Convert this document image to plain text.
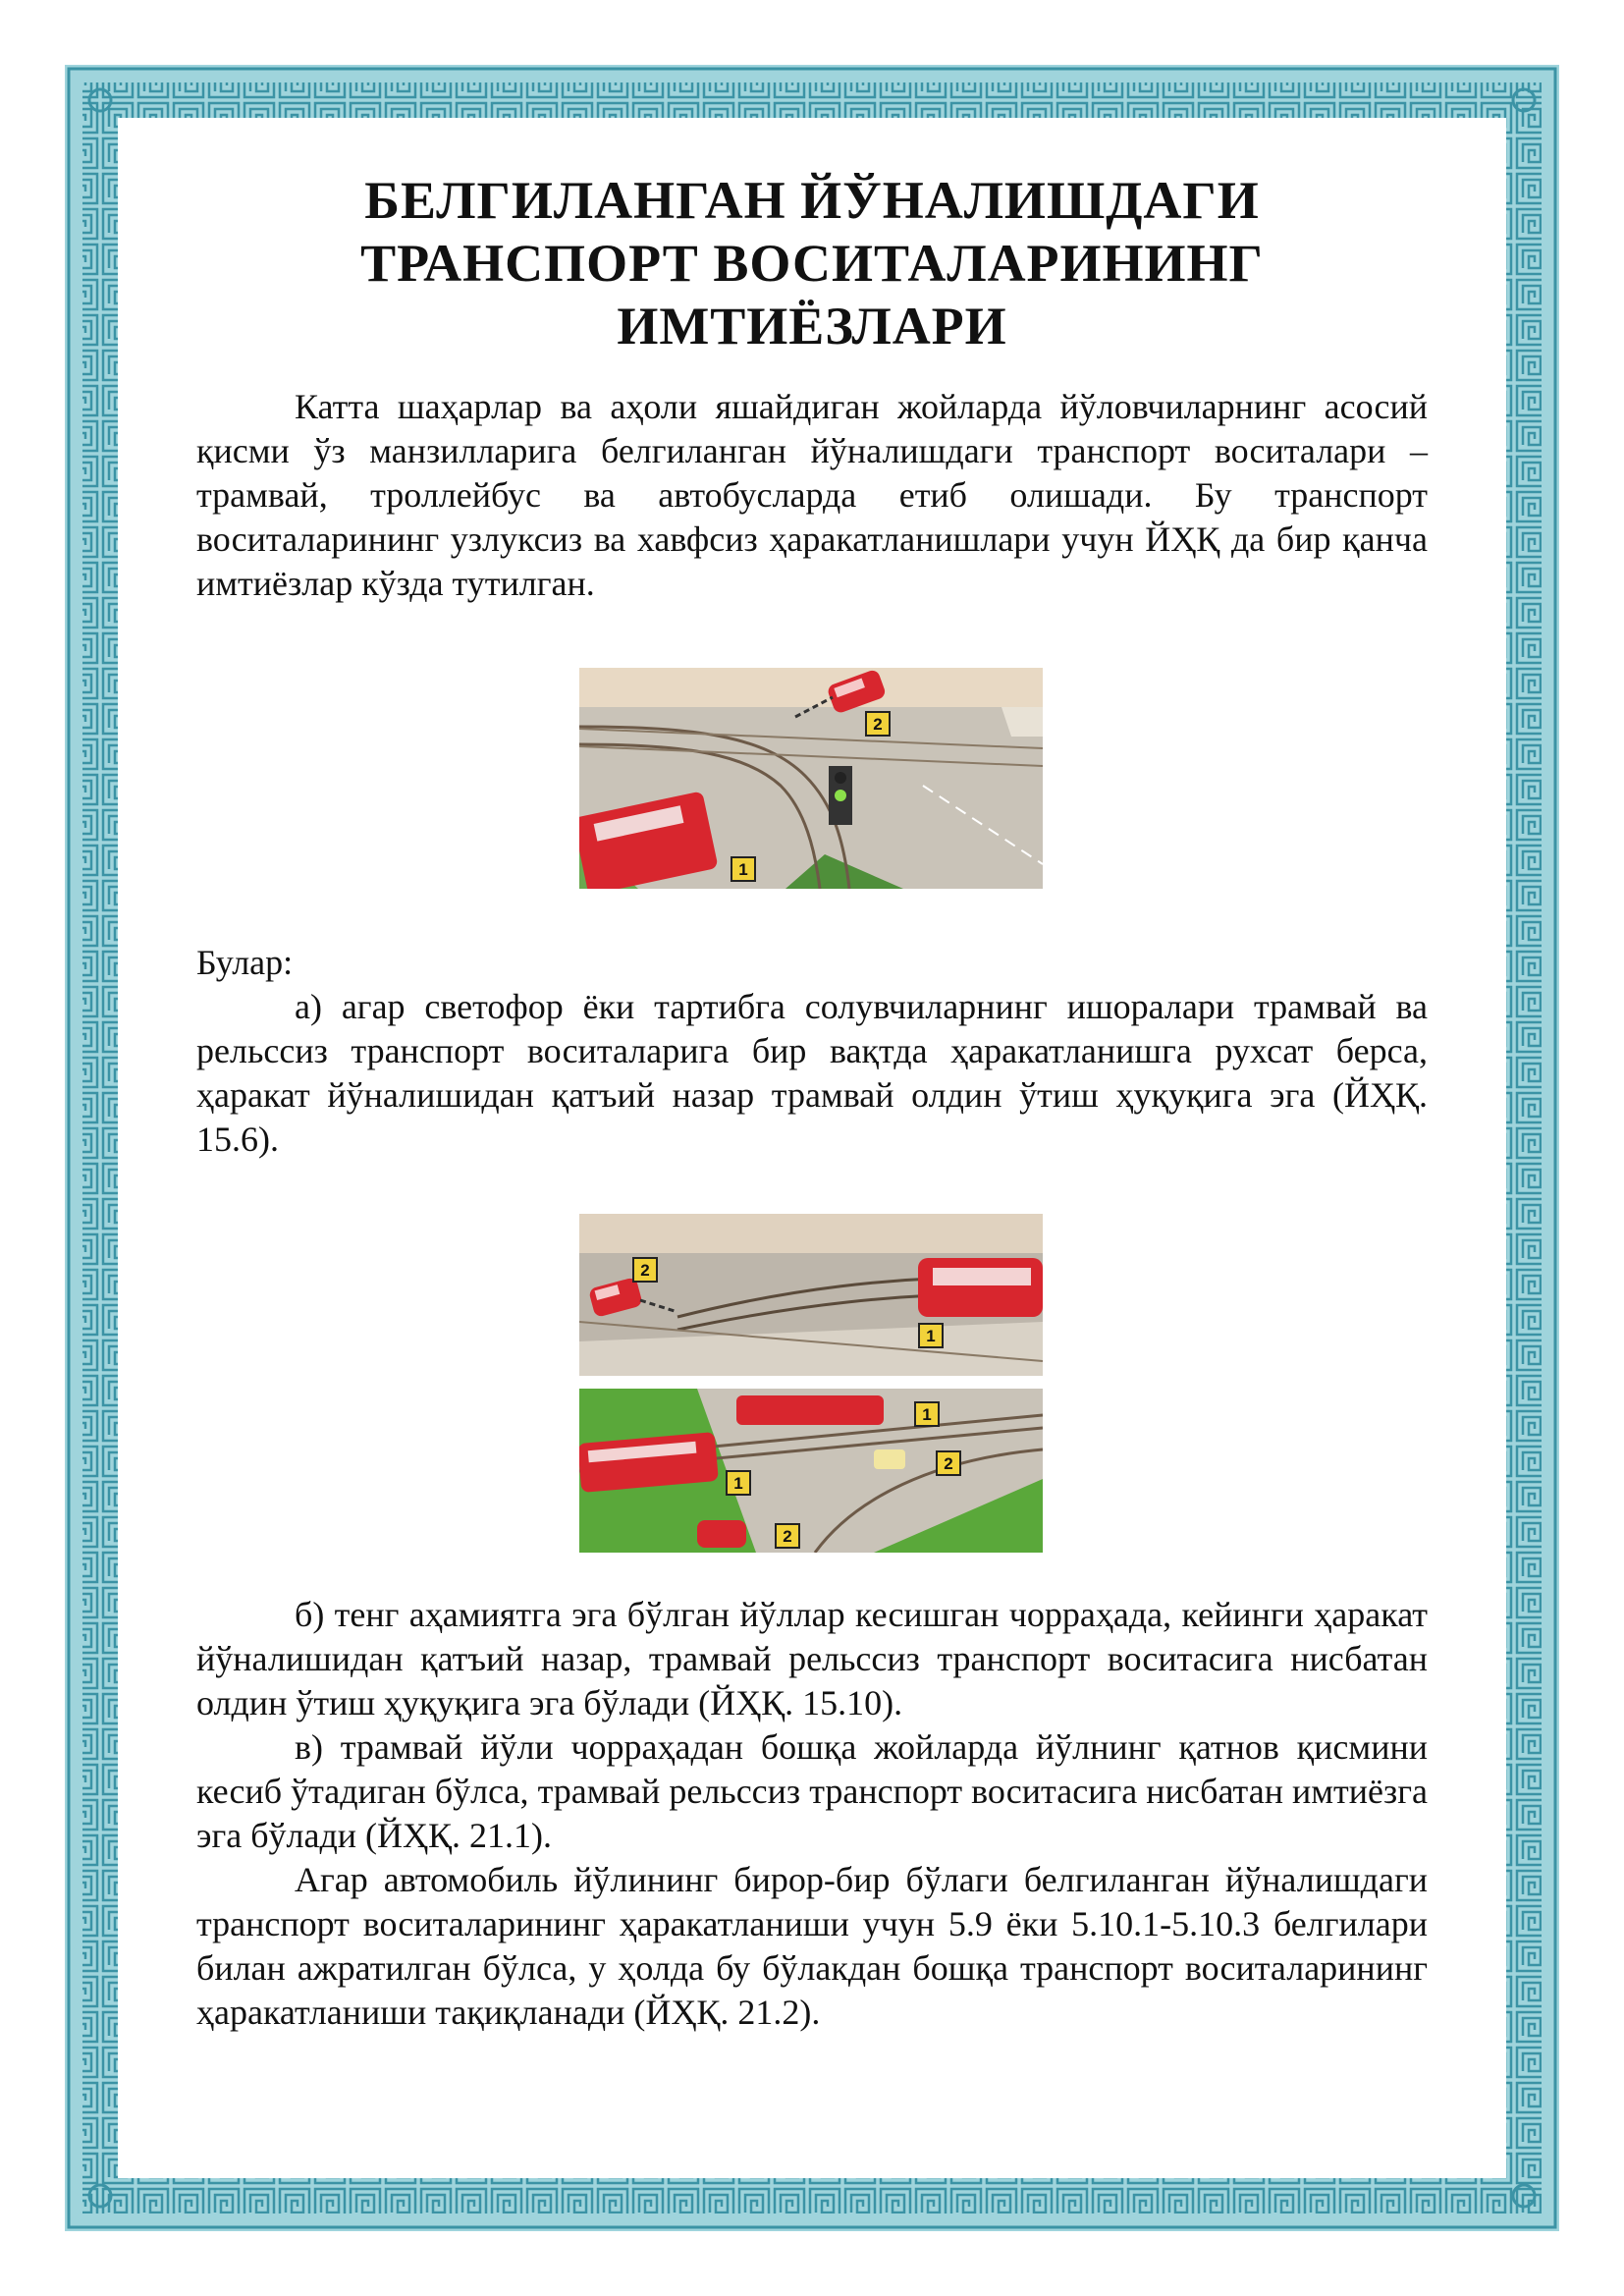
БЕЛГИЛАНГАН ЙЎНАЛИШДАГИ
ТРАНСПОРТ ВОСИТАЛАРИНИНГ
ИМТИЁЗЛАРИ

Катта шаҳарлар ва аҳоли яшайдиган жойларда йўловчиларнинг асосий қисми ўз манзилларига белгиланган йўналишдаги транспорт воситалари – трамвай, троллейбус ва автобусларда етиб олишади. Бу транспорт воситаларининг узлуксиз ва хавфсиз ҳаракатланишлари учун ЙҲҚ да бир қанча имтиёзлар кўзда тутилган.

2
1

Булар:

а) агар светофор ёки тартибга солувчиларнинг ишоралари трамвай ва рельссиз транспорт воситаларига бир вақтда ҳаракатланишга рухсат берса, ҳаракат йўналишидан қатъий назар трамвай олдин ўтиш ҳуқуқига эга (ЙҲҚ. 15.6).

2
1
1
1
2
2

б) тенг аҳамиятга эга бўлган йўллар кесишган чорраҳада, кейинги ҳаракат йўналишидан қатъий назар, трамвай рельссиз транспорт воситасига нисбатан олдин ўтиш ҳуқуқига эга бўлади (ЙҲҚ. 15.10).

в) трамвай йўли чорраҳадан бошқа жойларда йўлнинг қатнов қисмини кесиб ўтадиган бўлса, трамвай рельссиз транспорт воситасига нисбатан имтиёзга эга бўлади (ЙҲҚ. 21.1).

Агар автомобиль йўлининг бирор-бир бўлаги белгиланган йўналишдаги транспорт воситаларининг ҳаракатланиши учун 5.9 ёки 5.10.1-5.10.3 белгилари билан ажратилган бўлса, у ҳолда бу бўлакдан бошқа транспорт воситаларининг ҳаракатланиши тақиқланади (ЙҲҚ. 21.2).
